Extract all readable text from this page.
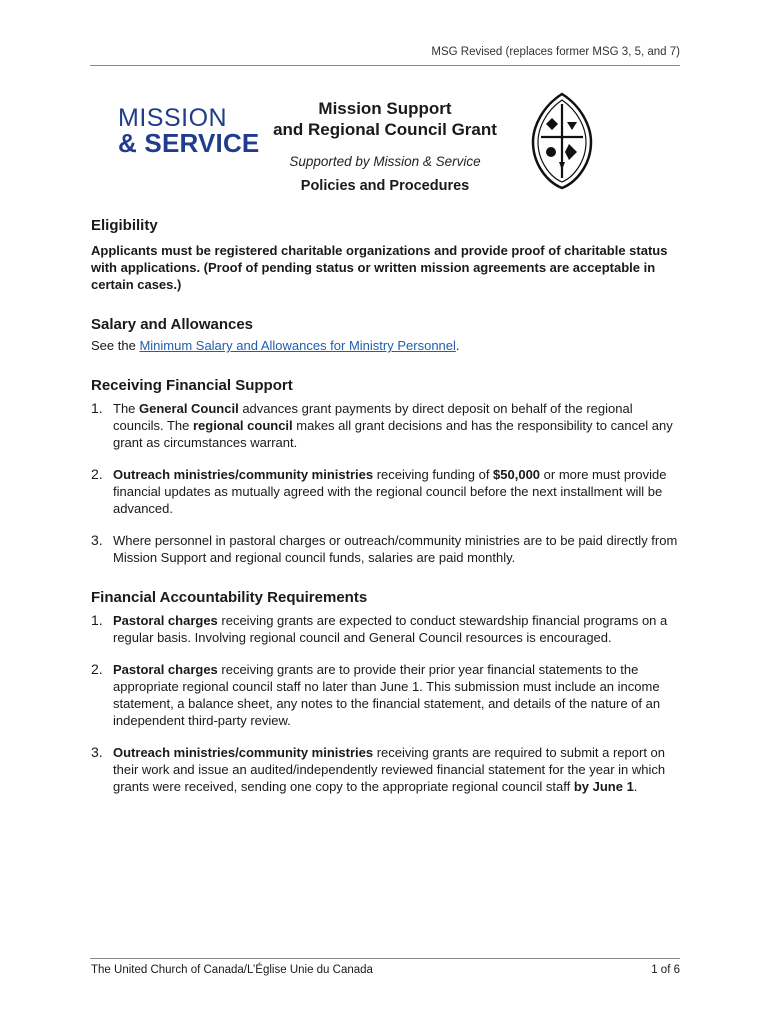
MSG Revised (replaces former MSG 3, 5, and 7)
MISSION
& SERVICE
Mission Support
and Regional Council Grant
Supported by Mission & Service
Policies and Procedures
Eligibility

Applicants must be registered charitable organizations and provide proof of charitable status with applications. (Proof of pending status or written mission agreements are acceptable in certain cases.)

Salary and Allowances

See the Minimum Salary and Allowances for Ministry Personnel.

Receiving Financial Support
1. The General Council advances grant payments by direct deposit on behalf of the regional councils. The regional council makes all grant decisions and has the responsibility to cancel any grant as circumstances warrant.
2. Outreach ministries/community ministries receiving funding of $50,000 or more must provide financial updates as mutually agreed with the regional council before the next installment will be advanced.
3. Where personnel in pastoral charges or outreach/community ministries are to be paid directly from Mission Support and regional council funds, salaries are paid monthly.
Financial Accountability Requirements
1. Pastoral charges receiving grants are expected to conduct stewardship financial programs on a regular basis. Involving regional council and General Council resources is encouraged.
2. Pastoral charges receiving grants are to provide their prior year financial statements to the appropriate regional council staff no later than June 1. This submission must include an income statement, a balance sheet, any notes to the financial statement, and details of the nature of an independent third-party review.
3. Outreach ministries/community ministries receiving grants are required to submit a report on their work and issue an audited/independently reviewed financial statement for the year in which grants were received, sending one copy to the appropriate regional council staff by June 1.
The United Church of Canada/L’Église Unie du Canada	1 of 6
